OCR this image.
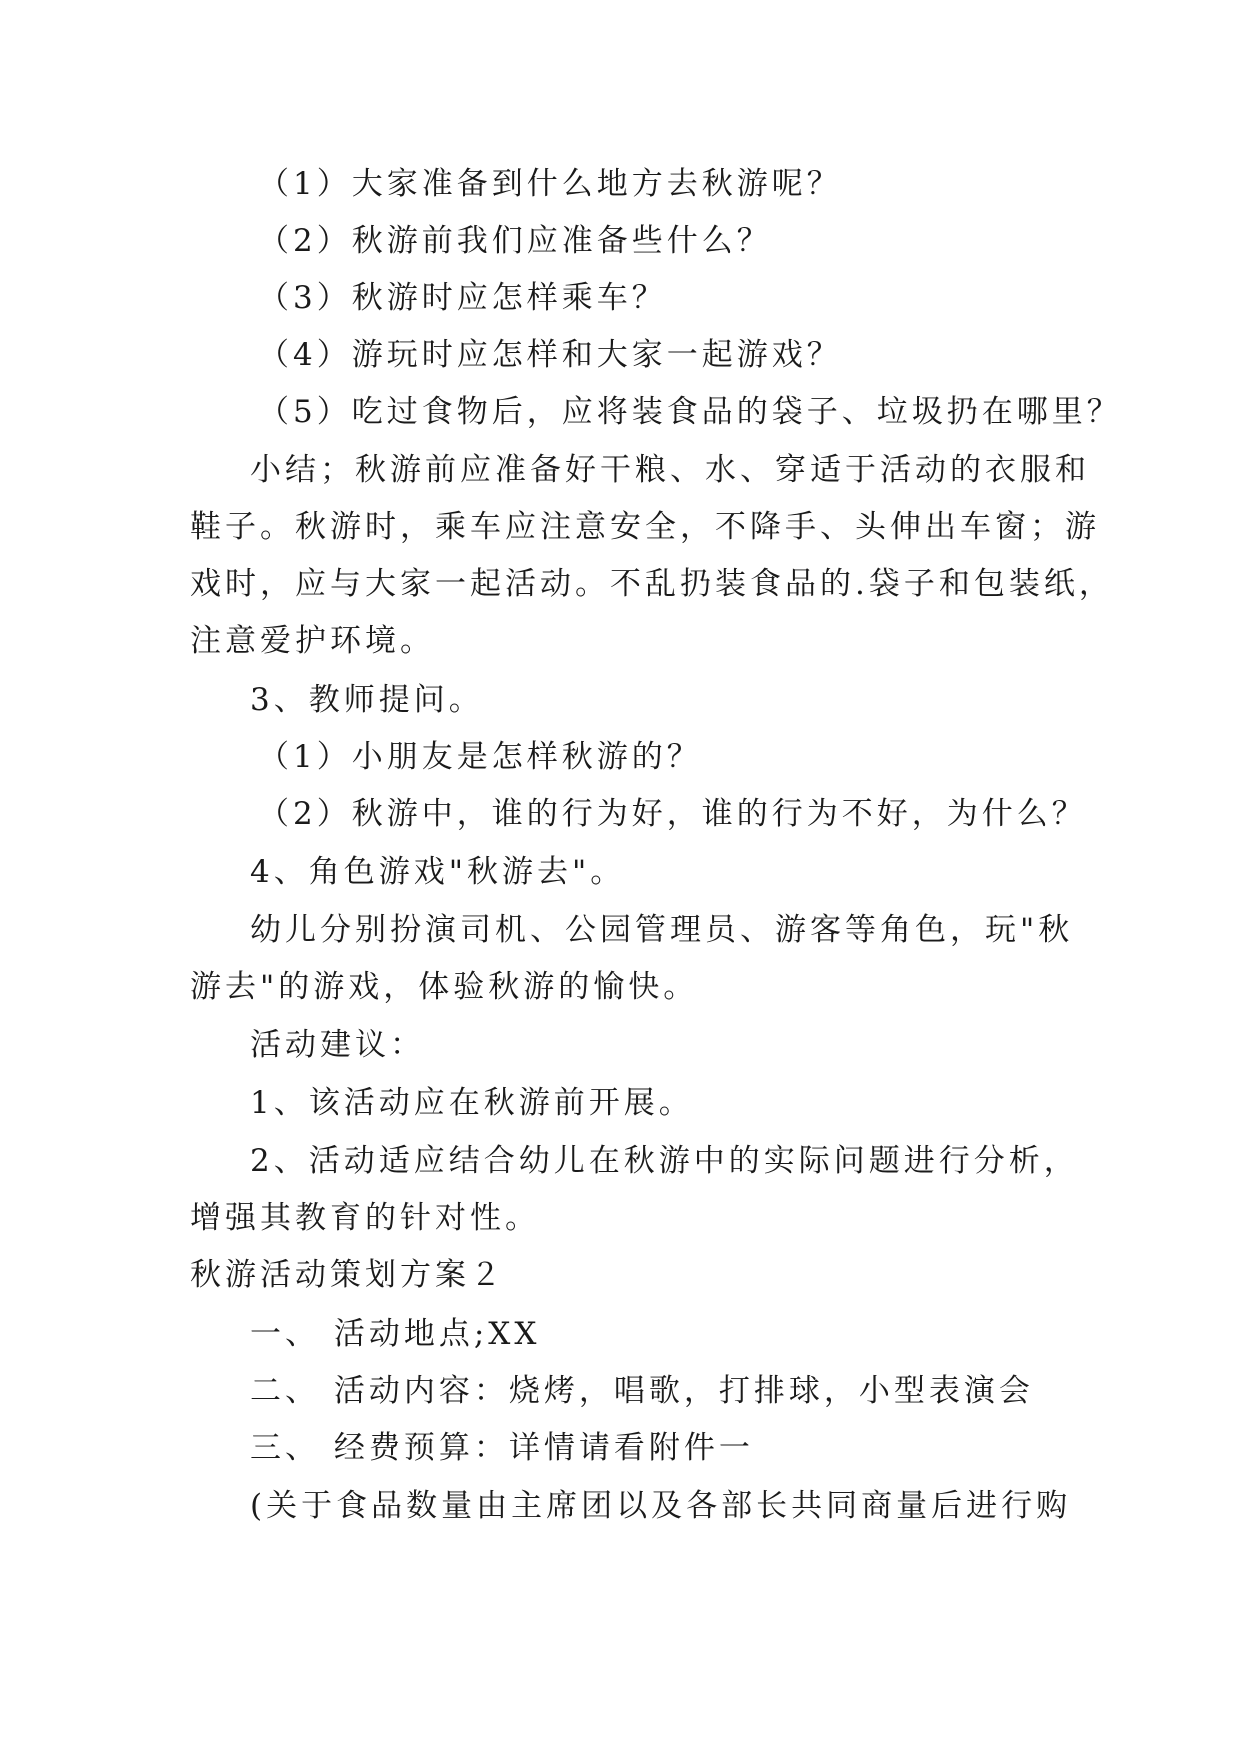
（1）大家准备到什么地方去秋游呢？

（2）秋游前我们应准备些什么？

（3）秋游时应怎样乘车？

（4）游玩时应怎样和大家一起游戏？

（5）吃过食物后，应将装食品的袋子、垃圾扔在哪里？

小结；秋游前应准备好干粮、水、穿适于活动的衣服和

鞋子。秋游时，乘车应注意安全，不降手、头伸出车窗；游

戏时，应与大家一起活动。不乱扔装食品的.袋子和包装纸，

注意爱护环境。

3、教师提问。

（1）小朋友是怎样秋游的？

（2）秋游中，谁的行为好，谁的行为不好，为什么？

4、角色游戏"秋游去"。

幼儿分别扮演司机、公园管理员、游客等角色，玩"秋

游去"的游戏，体验秋游的愉快。

活动建议：

1、该活动应在秋游前开展。

2、活动适应结合幼儿在秋游中的实际问题进行分析，

增强其教育的针对性。

秋游活动策划方案２

一、 活动地点;XX

二、 活动内容：烧烤，唱歌，打排球，小型表演会

三、 经费预算：详情请看附件一

(关于食品数量由主席团以及各部长共同商量后进行购
